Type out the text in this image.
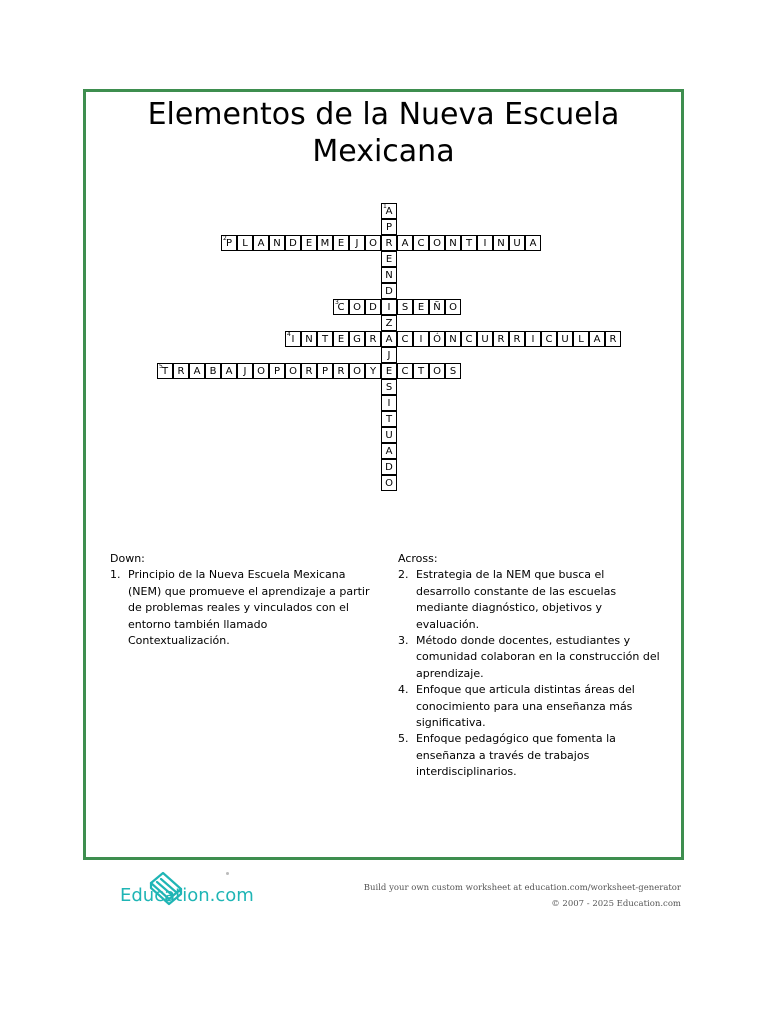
Elementos de la Nueva Escuela Mexicana
A
1
P
R
E
N
D
I
Z
A
J
E
S
I
T
U
A
D
O
P
2	L A N D E M E	J	O	A C O N T	I	N U A
C
3	O D	S E Ñ O
I
4	N T E G R	C	I	Ó N C U R R	I	C U L A R
T
5	R A B A	J	O P O R P R O Y	C T O S

Down:

1. Principio de la Nueva Escuela Mexicana (NEM) que promueve el aprendizaje a partir de problemas reales y vinculados con el entorno también llamado Contextualización.

Across:

2. Estrategia de la NEM que busca el desarrollo constante de las escuelas mediante diagnóstico, objetivos y evaluación.
3. Método donde docentes, estudiantes y comunidad colaboran en la construcción del aprendizaje.
4. Enfoque que articula distintas áreas del conocimiento para una enseñanza más significativa.
5. Enfoque pedagógico que fomenta la enseñanza a través de trabajos interdisciplinarios.
Education.com	Build your own custom worksheet at education.com/worksheet-generator
© 2007 - 2025 Education.com
